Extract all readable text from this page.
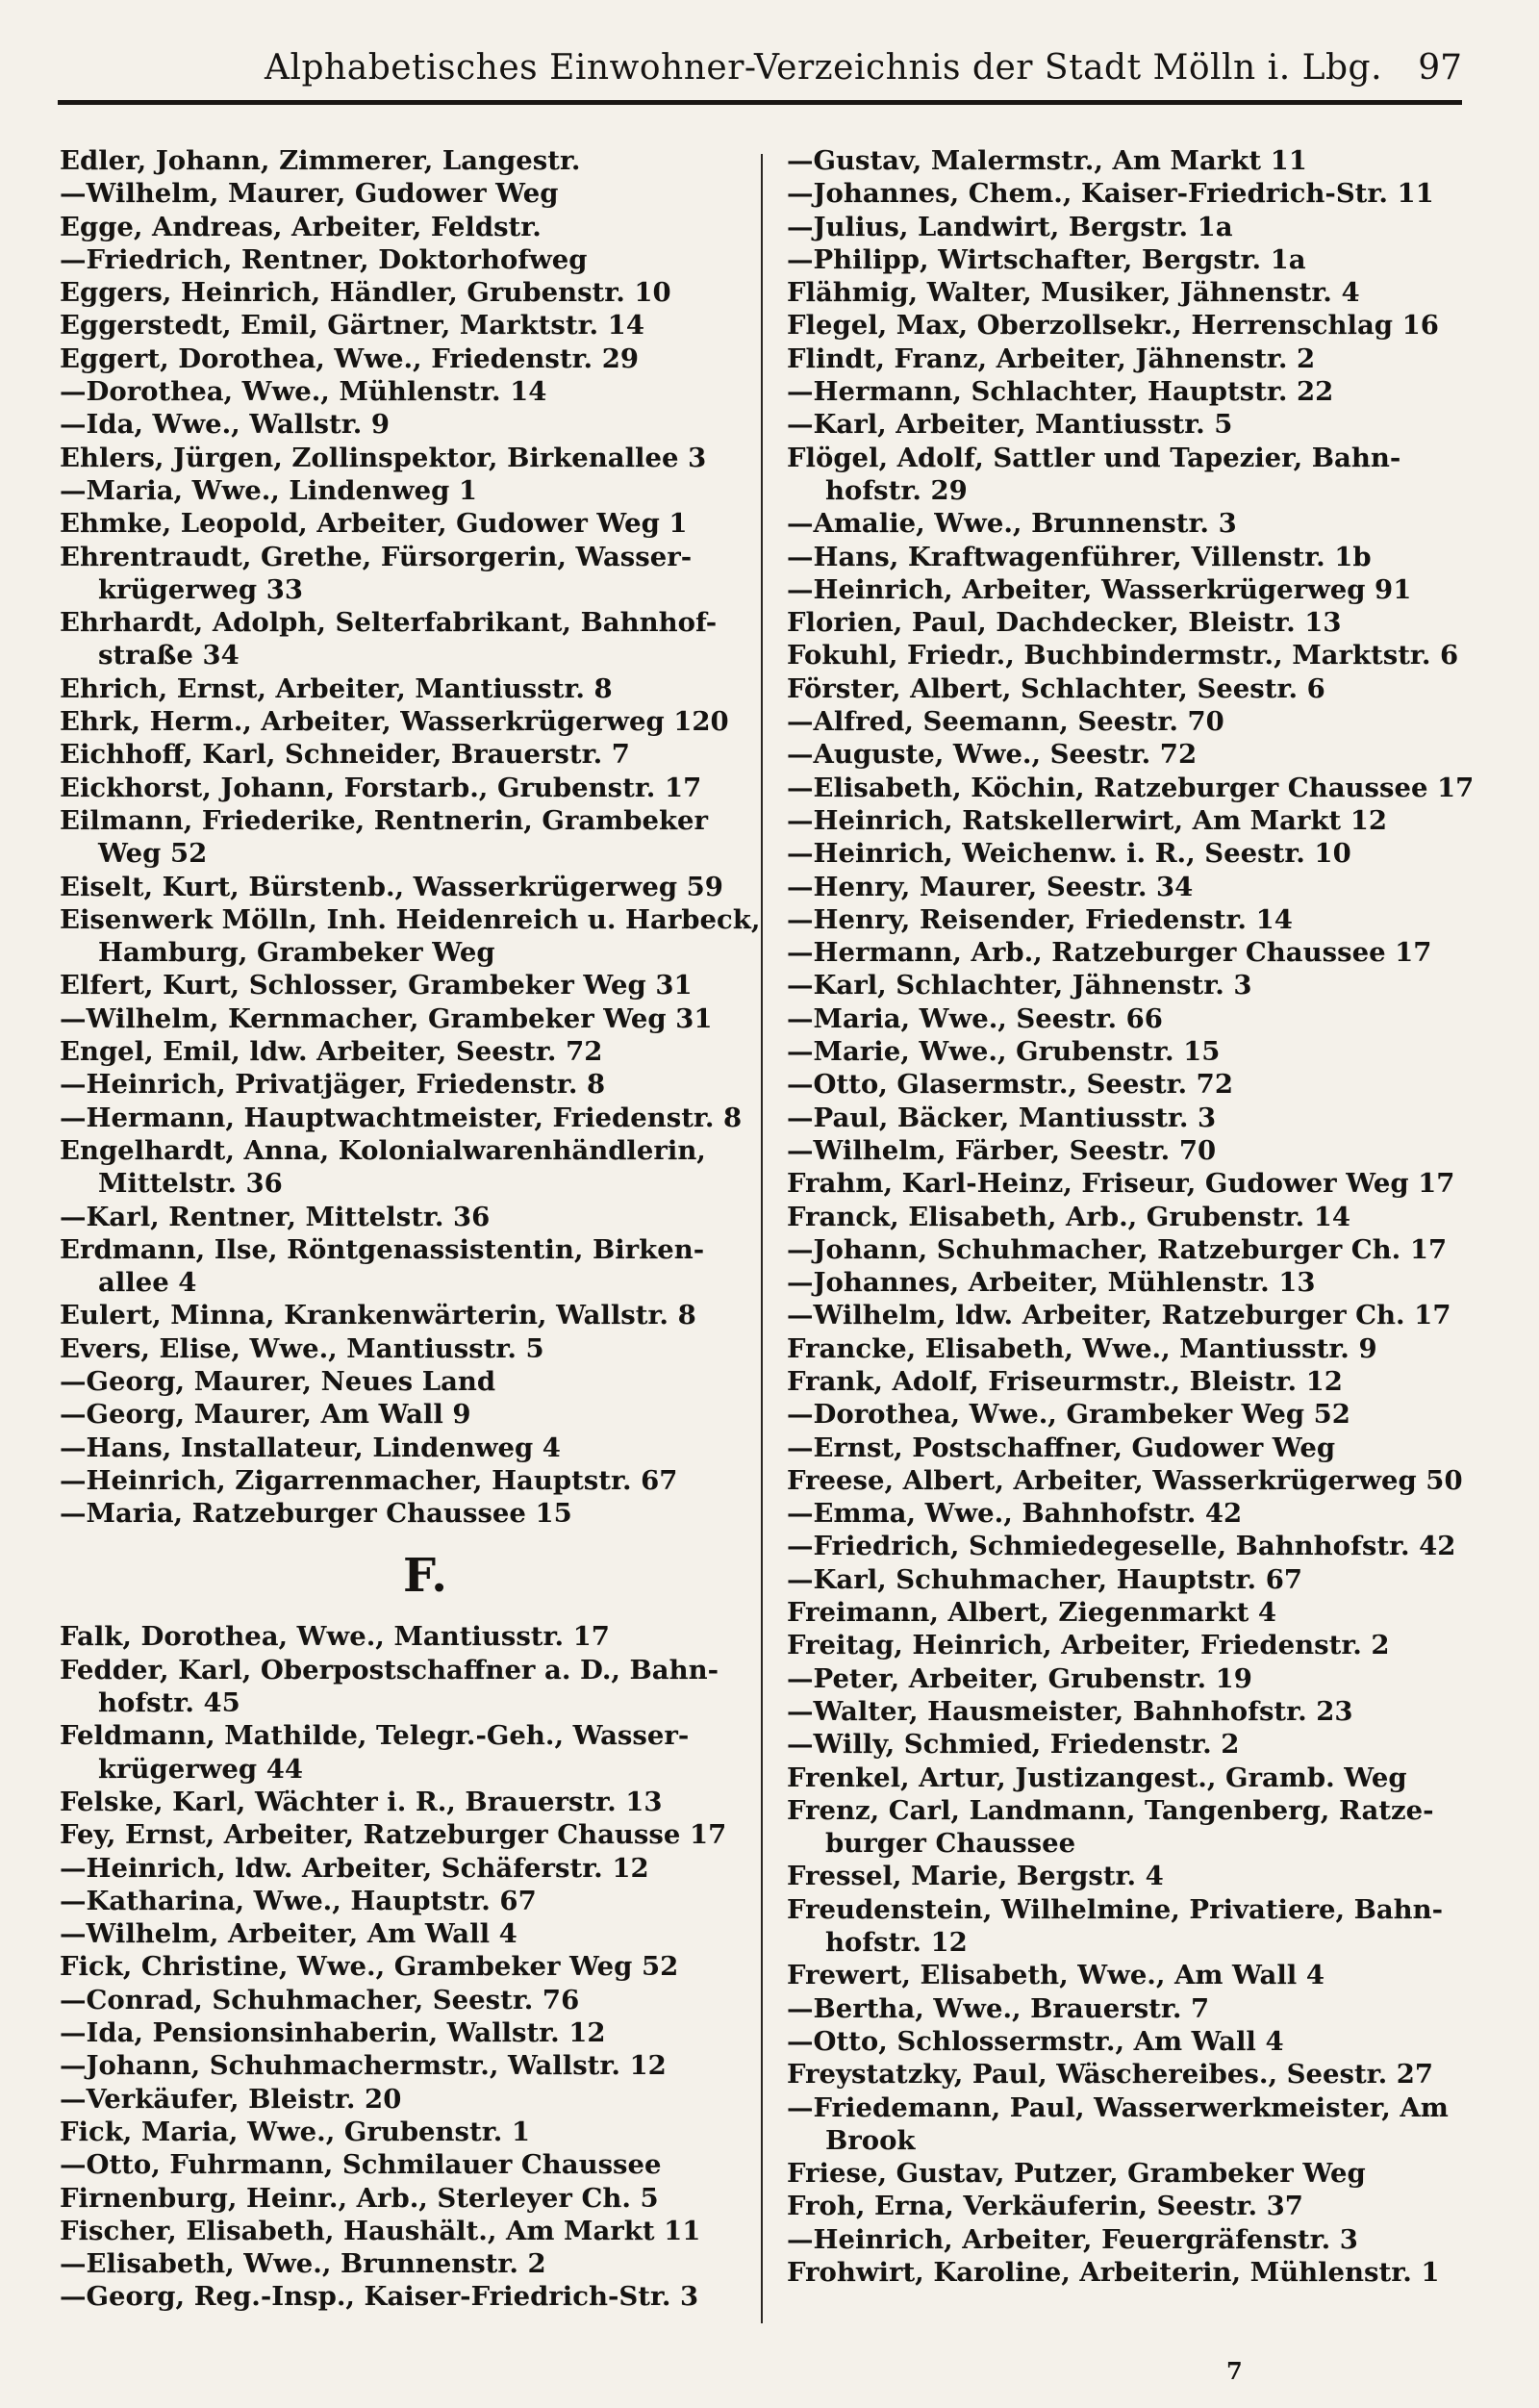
Alphabetisches Einwohner-Verzeichnis der Stadt Mölln i. Lbg. 97
Edler, Johann, Zimmerer, Langestr.
—Wilhelm, Maurer, Gudower Weg
Egge, Andreas, Arbeiter, Feldstr.
—Friedrich, Rentner, Doktorhofweg
Eggers, Heinrich, Händler, Grubenstr. 10
Eggerstedt, Emil, Gärtner, Marktstr. 14
Eggert, Dorothea, Wwe., Friedenstr. 29
—Dorothea, Wwe., Mühlenstr. 14
—Ida, Wwe., Wallstr. 9
Ehlers, Jürgen, Zollinspektor, Birkenallee 3
—Maria, Wwe., Lindenweg 1
Ehmke, Leopold, Arbeiter, Gudower Weg 1
Ehrentraudt, Grethe, Fürsorgerin, Wasser-
krügerweg 33
Ehrhardt, Adolph, Selterfabrikant, Bahnhof-
straße 34
Ehrich, Ernst, Arbeiter, Mantiusstr. 8
Ehrk, Herm., Arbeiter, Wasserkrügerweg 120
Eichhoff, Karl, Schneider, Brauerstr. 7
Eickhorst, Johann, Forstarb., Grubenstr. 17
Eilmann, Friederike, Rentnerin, Grambeker
Weg 52
Eiselt, Kurt, Bürstenb., Wasserkrügerweg 59
Eisenwerk Mölln, Inh. Heidenreich u. Harbeck,
Hamburg, Grambeker Weg
Elfert, Kurt, Schlosser, Grambeker Weg 31
—Wilhelm, Kernmacher, Grambeker Weg 31
Engel, Emil, ldw. Arbeiter, Seestr. 72
—Heinrich, Privatjäger, Friedenstr. 8
—Hermann, Hauptwachtmeister, Friedenstr. 8
Engelhardt, Anna, Kolonialwarenhändlerin,
Mittelstr. 36
—Karl, Rentner, Mittelstr. 36
Erdmann, Ilse, Röntgenassistentin, Birken-
allee 4
Eulert, Minna, Krankenwärterin, Wallstr. 8
Evers, Elise, Wwe., Mantiusstr. 5
—Georg, Maurer, Neues Land
—Georg, Maurer, Am Wall 9
—Hans, Installateur, Lindenweg 4
—Heinrich, Zigarrenmacher, Hauptstr. 67
—Maria, Ratzeburger Chaussee 15
F.
Falk, Dorothea, Wwe., Mantiusstr. 17
Fedder, Karl, Oberpostschaffner a. D., Bahn-
hofstr. 45
Feldmann, Mathilde, Telegr.-Geh., Wasser-
krügerweg 44
Felske, Karl, Wächter i. R., Brauerstr. 13
Fey, Ernst, Arbeiter, Ratzeburger Chausse 17
—Heinrich, ldw. Arbeiter, Schäferstr. 12
—Katharina, Wwe., Hauptstr. 67
—Wilhelm, Arbeiter, Am Wall 4
Fick, Christine, Wwe., Grambeker Weg 52
—Conrad, Schuhmacher, Seestr. 76
—Ida, Pensionsinhaberin, Wallstr. 12
—Johann, Schuhmachermstr., Wallstr. 12
—Verkäufer, Bleistr. 20
Fick, Maria, Wwe., Grubenstr. 1
—Otto, Fuhrmann, Schmilauer Chaussee
Firnenburg, Heinr., Arb., Sterleyer Ch. 5
Fischer, Elisabeth, Haushält., Am Markt 11
—Elisabeth, Wwe., Brunnenstr. 2
—Georg, Reg.-Insp., Kaiser-Friedrich-Str. 3
—Gustav, Malermstr., Am Markt 11
—Johannes, Chem., Kaiser-Friedrich-Str. 11
—Julius, Landwirt, Bergstr. 1a
—Philipp, Wirtschafter, Bergstr. 1a
Flähmig, Walter, Musiker, Jähnenstr. 4
Flegel, Max, Oberzollsekr., Herrenschlag 16
Flindt, Franz, Arbeiter, Jähnenstr. 2
—Hermann, Schlachter, Hauptstr. 22
—Karl, Arbeiter, Mantiusstr. 5
Flögel, Adolf, Sattler und Tapezier, Bahn-
hofstr. 29
—Amalie, Wwe., Brunnenstr. 3
—Hans, Kraftwagenführer, Villenstr. 1b
—Heinrich, Arbeiter, Wasserkrügerweg 91
Florien, Paul, Dachdecker, Bleistr. 13
Fokuhl, Friedr., Buchbindermstr., Marktstr. 6
Förster, Albert, Schlachter, Seestr. 6
—Alfred, Seemann, Seestr. 70
—Auguste, Wwe., Seestr. 72
—Elisabeth, Köchin, Ratzeburger Chaussee 17
—Heinrich, Ratskellerwirt, Am Markt 12
—Heinrich, Weichenw. i. R., Seestr. 10
—Henry, Maurer, Seestr. 34
—Henry, Reisender, Friedenstr. 14
—Hermann, Arb., Ratzeburger Chaussee 17
—Karl, Schlachter, Jähnenstr. 3
—Maria, Wwe., Seestr. 66
—Marie, Wwe., Grubenstr. 15
—Otto, Glasermstr., Seestr. 72
—Paul, Bäcker, Mantiusstr. 3
—Wilhelm, Färber, Seestr. 70
Frahm, Karl-Heinz, Friseur, Gudower Weg 17
Franck, Elisabeth, Arb., Grubenstr. 14
—Johann, Schuhmacher, Ratzeburger Ch. 17
—Johannes, Arbeiter, Mühlenstr. 13
—Wilhelm, ldw. Arbeiter, Ratzeburger Ch. 17
Francke, Elisabeth, Wwe., Mantiusstr. 9
Frank, Adolf, Friseurmstr., Bleistr. 12
—Dorothea, Wwe., Grambeker Weg 52
—Ernst, Postschaffner, Gudower Weg
Freese, Albert, Arbeiter, Wasserkrügerweg 50
—Emma, Wwe., Bahnhofstr. 42
—Friedrich, Schmiedegeselle, Bahnhofstr. 42
—Karl, Schuhmacher, Hauptstr. 67
Freimann, Albert, Ziegenmarkt 4
Freitag, Heinrich, Arbeiter, Friedenstr. 2
—Peter, Arbeiter, Grubenstr. 19
—Walter, Hausmeister, Bahnhofstr. 23
—Willy, Schmied, Friedenstr. 2
Frenkel, Artur, Justizangest., Gramb. Weg
Frenz, Carl, Landmann, Tangenberg, Ratze-
burger Chaussee
Fressel, Marie, Bergstr. 4
Freudenstein, Wilhelmine, Privatiere, Bahn-
hofstr. 12
Frewert, Elisabeth, Wwe., Am Wall 4
—Bertha, Wwe., Brauerstr. 7
—Otto, Schlossermstr., Am Wall 4
Freystatzky, Paul, Wäschereibes., Seestr. 27
—Friedemann, Paul, Wasserwerkmeister, Am
Brook
Friese, Gustav, Putzer, Grambeker Weg
Froh, Erna, Verkäuferin, Seestr. 37
—Heinrich, Arbeiter, Feuergräfenstr. 3
Frohwirt, Karoline, Arbeiterin, Mühlenstr. 1
7
